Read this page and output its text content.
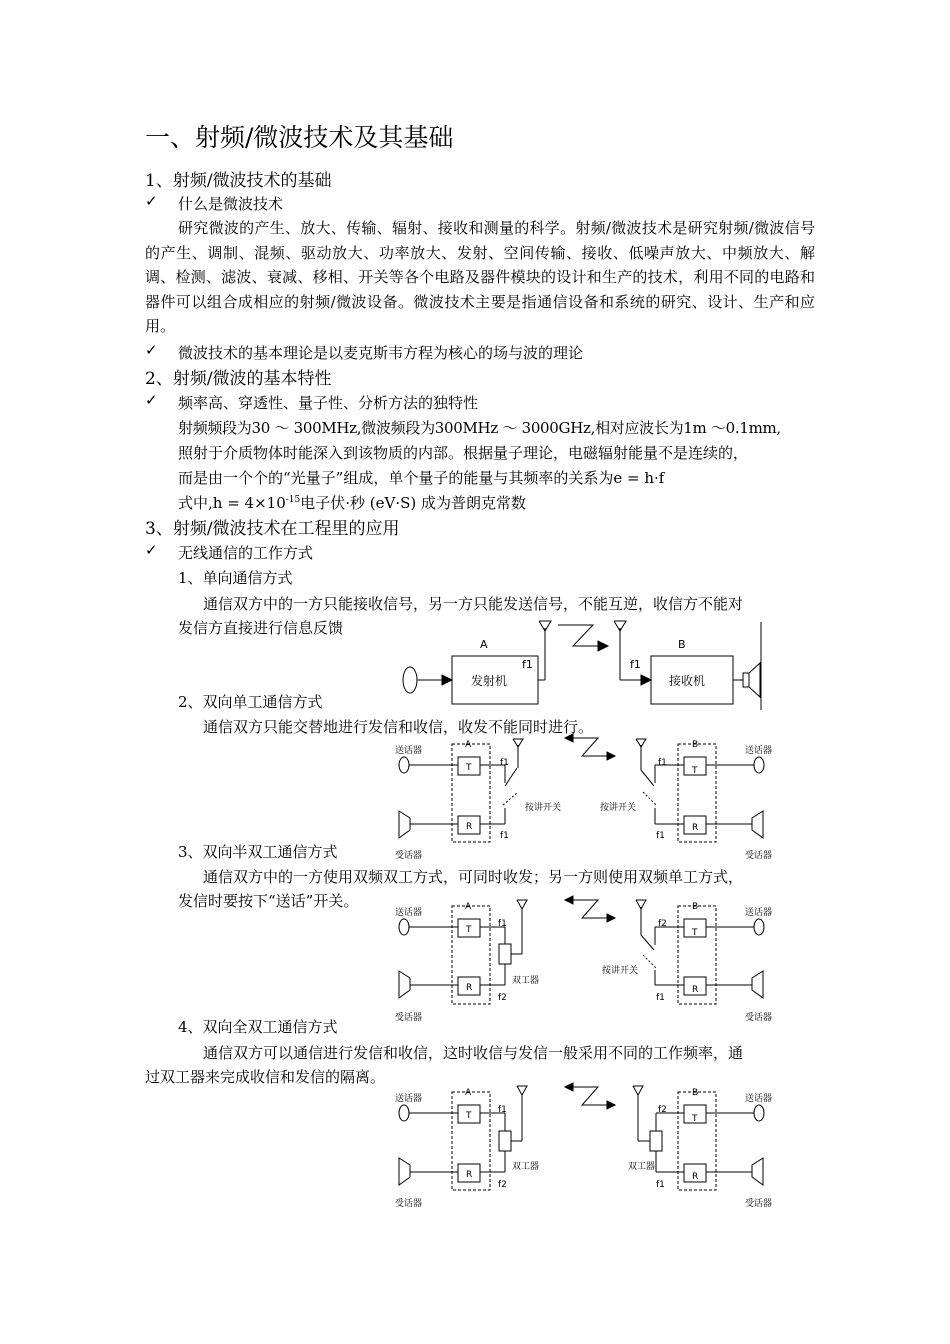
一、射频/微波技术及其基础
1、射频/微波技术的基础
✓ 什么是微波技术
研究微波的产生、放大、传输、辐射、接收和测量的科学。射频/微波技术是研究射频/微波信号的产生、调制、混频、驱动放大、功率放大、发射、空间传输、接收、低噪声放大、中频放大、解调、检测、滤波、衰减、移相、开关等各个电路及器件模块的设计和生产的技术，利用不同的电路和器件可以组合成相应的射频/微波设备。微波技术主要是指通信设备和系统的研究、设计、生产和应用。
✓ 微波技术的基本理论是以麦克斯韦方程为核心的场与波的理论
2、射频/微波的基本特性
✓ 频率高、穿透性、量子性、分析方法的独特性
射频频段为30 ～ 300MHz,微波频段为300MHz ～ 3000GHz,相对应波长为1m ～0.1mm,
照射于介质物体时能深入到该物质的内部。根据量子理论，电磁辐射能量不是连续的，
而是由一个个的“光量子”组成，单个量子的能量与其频率的关系为e = h·f
式中$,h = 4\times 10^{-15}$电子伏·秒 (eV·S) 成为普朗克常数
3、射频/微波技术在工程里的应用
✓ 无线通信的工作方式
1、单向通信方式
通信双方中的一方只能接收信号，另一方只能发送信号，不能互逆，收信方不能对
发信方直接进行信息反馈
2、双向单工通信方式
通信双方只能交替地进行发信和收信，收发不能同时进行。
3、双向半双工通信方式
通信双方中的一方使用双频双工方式，可同时收发；另一方则使用双频单工方式，
发信时要按下“送话”开关。
4、双向全双工通信方式
通信双方可以通信进行发信和收信，这时收信与发信一般采用不同的工作频率，通
过双工器来完成收信和发信的隔离。
A	B
f1	f1
发射机	接收机
送话器
A
f1
T
R
按讲开关
f1
受话器
B
f1
T
R
按讲开关
f1
送话器
受话器
送话器
A
f1
T
R
双工器
f2
受话器
B
f2
T
R
按讲开关
f1
送话器
受话器
送话器
A
f1
T
R
双工器
f2
受话器
B
f2
T
R
双工器
f1
送话器
受话器
